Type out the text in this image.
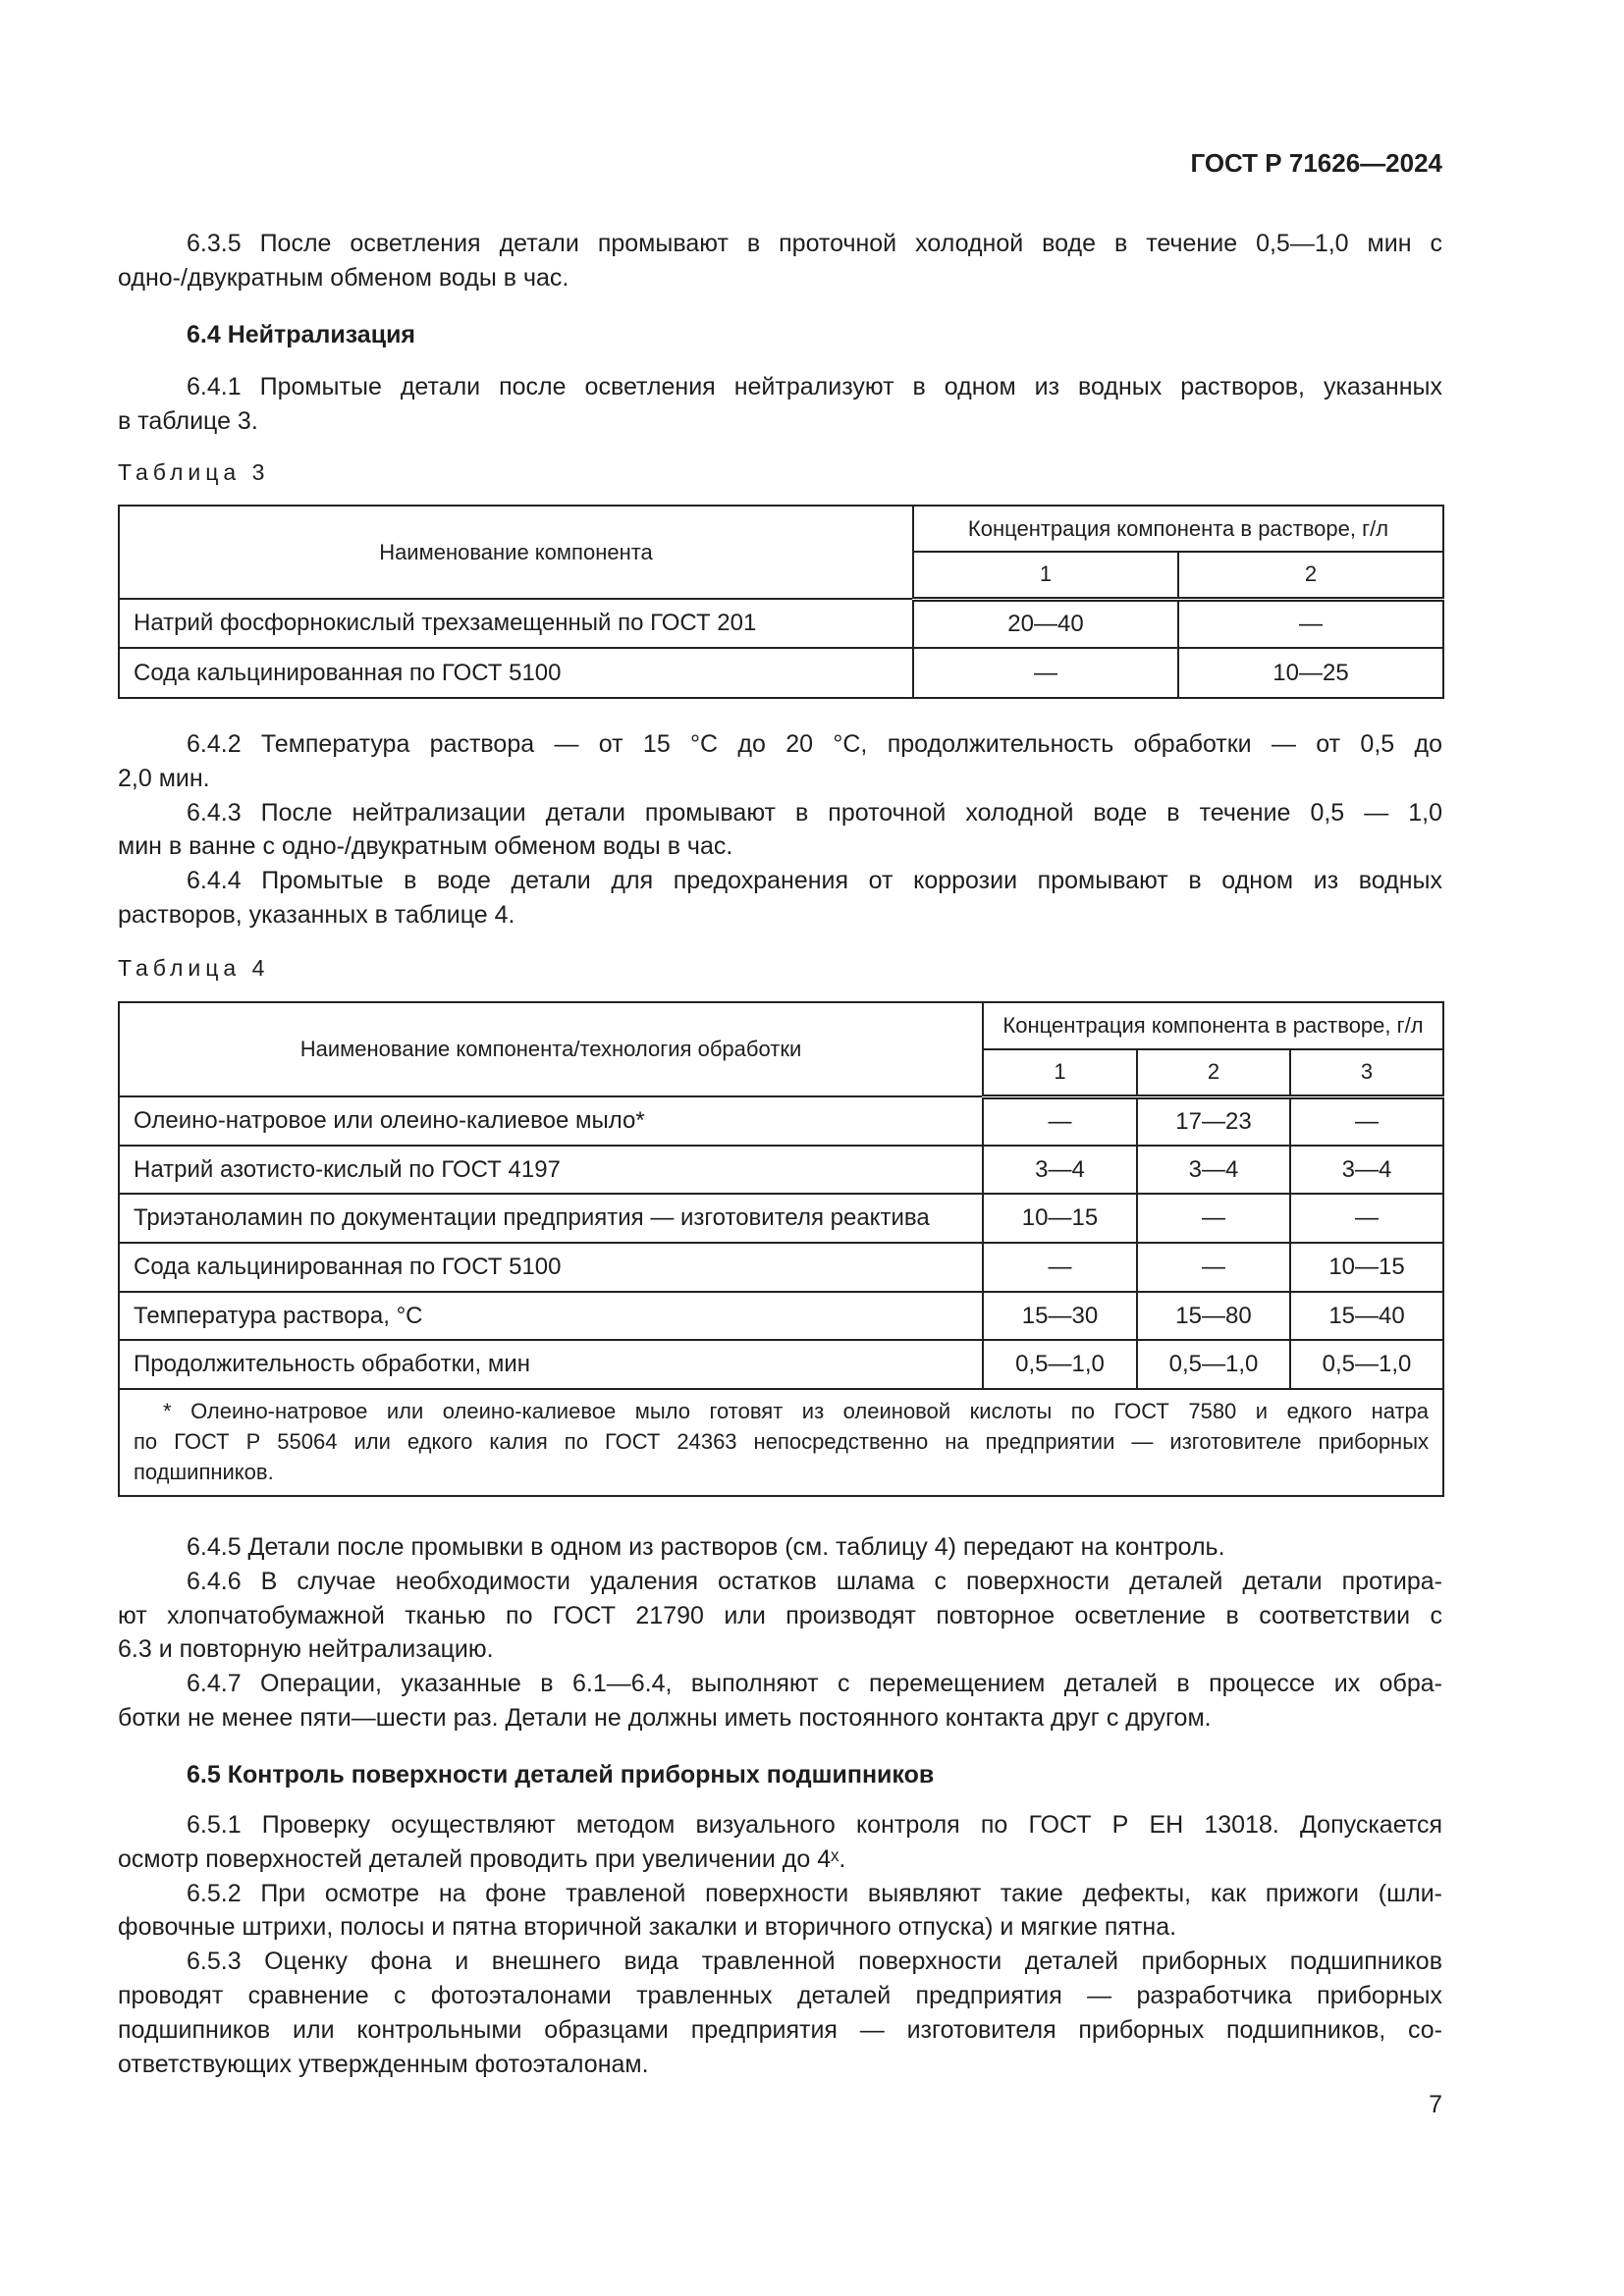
ГОСТ Р 71626—2024
6.3.5 После осветления детали промывают в проточной холодной воде в течение 0,5—1,0 мин с
одно-/двукратным обменом воды в час.
6.4 Нейтрализация
6.4.1 Промытые детали после осветления нейтрализуют в одном из водных растворов, указанных
в таблице 3.
Таблица 3
Наименование компонента	Концентрация компонента в растворе, г/л	
	1	2
Натрий фосфорнокислый трехзамещенный по ГОСТ 201	20—40	—
Сода кальцинированная по ГОСТ 5100	—	10—25
6.4.2 Температура раствора — от 15 °С до 20 °С, продолжительность обработки — от 0,5 до
2,0 мин.
6.4.3 После нейтрализации детали промывают в проточной холодной воде в течение 0,5 — 1,0
мин в ванне с одно-/двукратным обменом воды в час.
6.4.4 Промытые в воде детали для предохранения от коррозии промывают в одном из водных
растворов, указанных в таблице 4.
Таблица 4
Наименование компонента/технология обработки	Концентрация компонента в растворе, г/л		
	1	2	3
Олеино-натровое или олеино-калиевое мыло*	—	17—23	—
Натрий азотисто-кислый по ГОСТ 4197	3—4	3—4	3—4
Триэтаноламин по документации предприятия — изготовителя реактива	10—15	—	—
Сода кальцинированная по ГОСТ 5100	—	—	10—15
Температура раствора, °С	15—30	15—80	15—40
Продолжительность обработки, мин	0,5—1,0	0,5—1,0	0,5—1,0

* Олеино-натровое или олеино-калиевое мыло готовят из олеиновой кислоты по ГОСТ 7580 и едкого натра
по ГОСТ Р 55064 или едкого калия по ГОСТ 24363 непосредственно на предприятии — изготовителе приборных
подшипников.			
6.4.5 Детали после промывки в одном из растворов (см. таблицу 4) передают на контроль.
6.4.6 В случае необходимости удаления остатков шлама с поверхности деталей детали протира-
ют хлопчатобумажной тканью по ГОСТ 21790 или производят повторное осветление в соответствии с
6.3 и повторную нейтрализацию.
6.4.7 Операции, указанные в 6.1—6.4, выполняют с перемещением деталей в процессе их обра-
ботки не менее пяти—шести раз. Детали не должны иметь постоянного контакта друг с другом.
6.5 Контроль поверхности деталей приборных подшипников
6.5.1 Проверку осуществляют методом визуального контроля по ГОСТ Р ЕН 13018. Допускается
осмотр поверхностей деталей проводить при увеличении до 4ˣ.
6.5.2 При осмотре на фоне травленой поверхности выявляют такие дефекты, как прижоги (шли-
фовочные штрихи, полосы и пятна вторичной закалки и вторичного отпуска) и мягкие пятна.
6.5.3 Оценку фона и внешнего вида травленной поверхности деталей приборных подшипников
проводят сравнение с фотоэталонами травленных деталей предприятия — разработчика приборных
подшипников или контрольными образцами предприятия — изготовителя приборных подшипников, со-
ответствующих утвержденным фотоэталонам.
7
